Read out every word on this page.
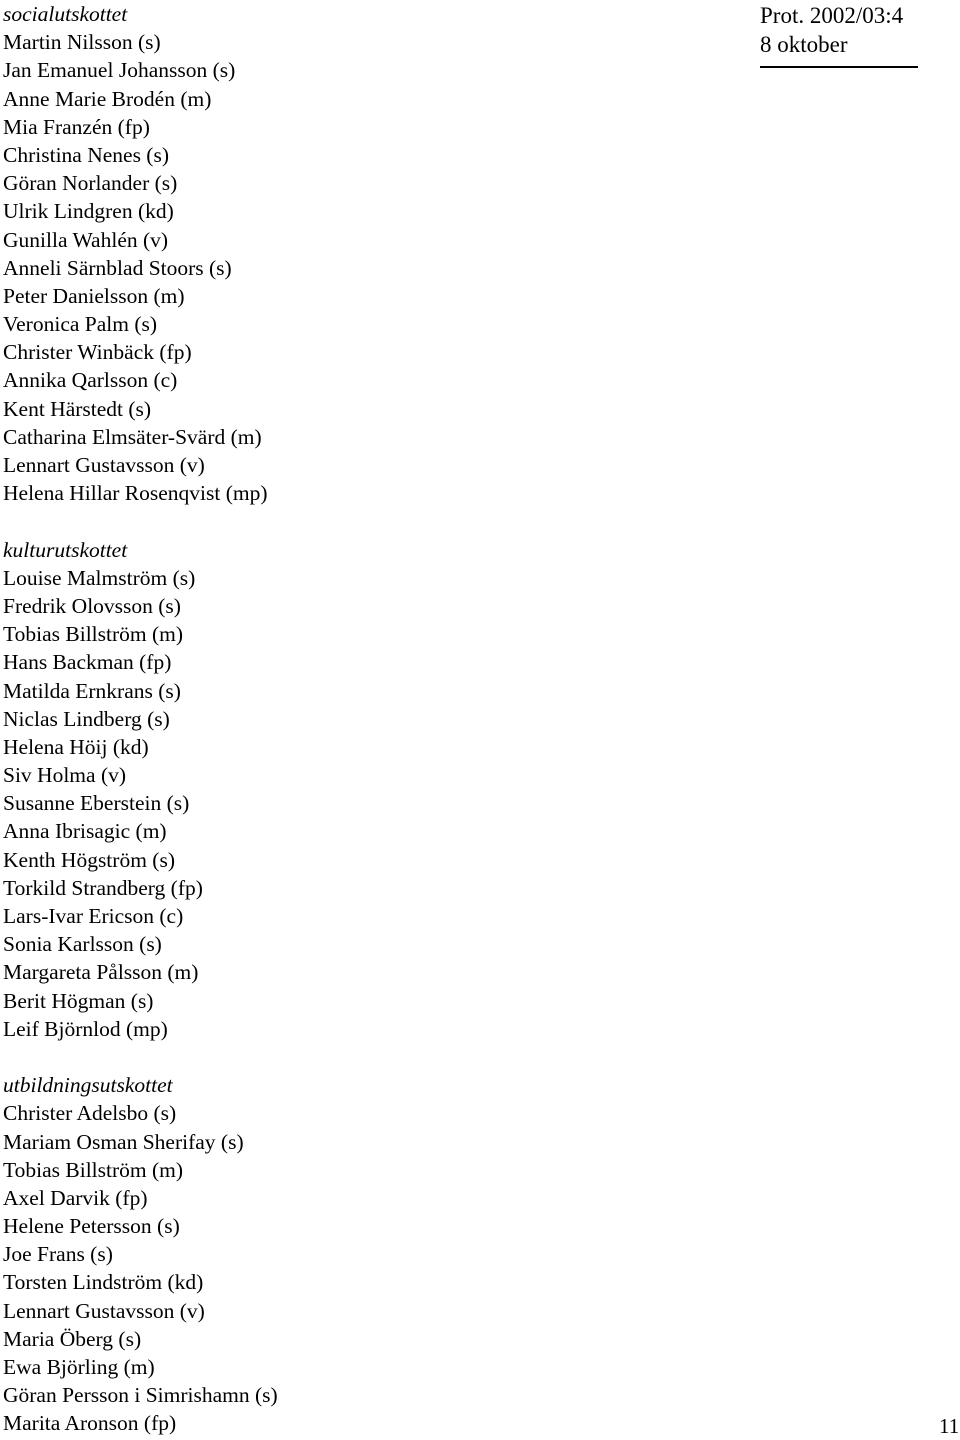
Prot. 2002/03:4
8 oktober
socialutskottet
Martin Nilsson (s)
Jan Emanuel Johansson (s)
Anne Marie Brodén (m)
Mia Franzén (fp)
Christina Nenes (s)
Göran Norlander (s)
Ulrik Lindgren (kd)
Gunilla Wahlén (v)
Anneli Särnblad Stoors (s)
Peter Danielsson (m)
Veronica Palm (s)
Christer Winbäck (fp)
Annika Qarlsson (c)
Kent Härstedt (s)
Catharina Elmsäter-Svärd (m)
Lennart Gustavsson (v)
Helena Hillar Rosenqvist (mp)
kulturutskottet
Louise Malmström (s)
Fredrik Olovsson (s)
Tobias Billström (m)
Hans Backman (fp)
Matilda Ernkrans (s)
Niclas Lindberg (s)
Helena Höij (kd)
Siv Holma (v)
Susanne Eberstein (s)
Anna Ibrisagic (m)
Kenth Högström (s)
Torkild Strandberg (fp)
Lars-Ivar Ericson (c)
Sonia Karlsson (s)
Margareta Pålsson (m)
Berit Högman (s)
Leif Björnlod (mp)
utbildningsutskottet
Christer Adelsbo (s)
Mariam Osman Sherifay (s)
Tobias Billström (m)
Axel Darvik (fp)
Helene Petersson (s)
Joe Frans (s)
Torsten Lindström (kd)
Lennart Gustavsson (v)
Maria Öberg (s)
Ewa Björling (m)
Göran Persson i Simrishamn (s)
Marita Aronson (fp)	11
